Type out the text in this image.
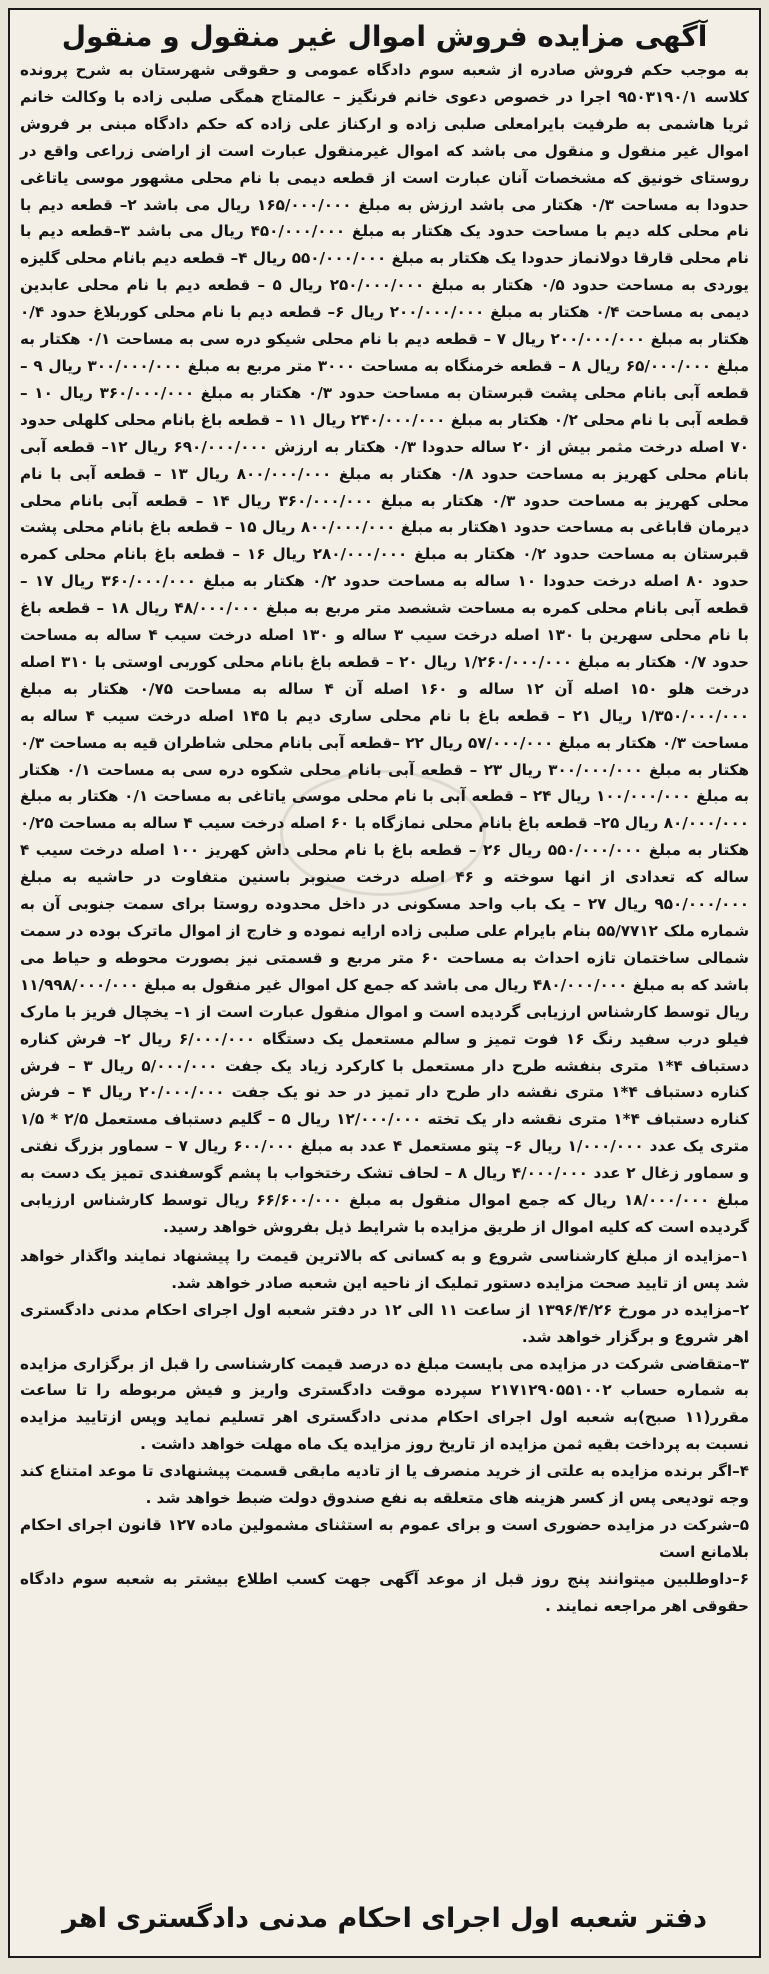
آگهی مزایده فروش اموال غیر منقول و منقول

به موجب حکم فروش صادره از شعبه سوم دادگاه عمومی و حقوقی شهرستان به شرح پرونده کلاسه ۹۵۰۳۱۹۰/۱ اجرا در خصوص دعوی خانم فرنگیز – عالمتاج همگی صلبی زاده با وکالت خانم ثریا هاشمی به طرفیت بایرامعلی صلبی زاده و ارکناز علی زاده که حکم دادگاه مبنی بر فروش اموال غیر منقول و منقول می باشد که اموال غیرمنقول عبارت است از اراضی زراعی واقع در روستای خونیق که مشخصات آنان عبارت است از قطعه دیمی با نام محلی مشهور موسی یاتاغی حدودا به مساحت ۰/۳ هکتار می باشد ارزش به مبلغ ۱۶۵/۰۰۰/۰۰۰ ریال می باشد ۲– قطعه دیم با نام محلی کله دیم با مساحت حدود یک هکتار به مبلغ ۴۵۰/۰۰۰/۰۰۰ ریال می باشد ۳–قطعه دیم با نام محلی قارقا دولانماز حدودا یک هکتار به مبلغ ۵۵۰/۰۰۰/۰۰۰ ریال ۴– قطعه دیم بانام محلی گلیزه یوردی به مساحت حدود ۰/۵ هکتار به مبلغ ۲۵۰/۰۰۰/۰۰۰ ریال ۵ – قطعه دیم با نام محلی عابدین دیمی به مساحت ۰/۴ هکتار به مبلغ ۲۰۰/۰۰۰/۰۰۰ ریال ۶– قطعه دیم با نام محلی کوربلاغ حدود ۰/۴ هکتار به مبلغ ۲۰۰/۰۰۰/۰۰۰ ریال ۷ – قطعه دیم با نام محلی شیکو دره سی به مساحت ۰/۱ هکتار به مبلغ ۶۵/۰۰۰/۰۰۰ ریال ۸ – قطعه خرمنگاه به مساحت ۳۰۰۰ متر مربع به مبلغ ۳۰۰/۰۰۰/۰۰۰ ریال ۹ – قطعه آبی بانام محلی پشت قبرستان به مساحت حدود ۰/۳ هکتار به مبلغ ۳۶۰/۰۰۰/۰۰۰ ریال ۱۰ – قطعه آبی با نام محلی ۰/۲ هکتار به مبلغ ۲۴۰/۰۰۰/۰۰۰ ریال ۱۱ – قطعه باغ بانام محلی کلهلی حدود ۷۰ اصله درخت مثمر بیش از ۲۰ ساله حدودا ۰/۳ هکتار به ارزش ۶۹۰/۰۰۰/۰۰۰ ریال ۱۲– قطعه آبی بانام محلی کهریز به مساحت حدود ۰/۸ هکتار به مبلغ ۸۰۰/۰۰۰/۰۰۰ ریال ۱۳ – قطعه آبی با نام محلی کهریز به مساحت حدود ۰/۳ هکتار به مبلغ ۳۶۰/۰۰۰/۰۰۰ ریال ۱۴ – قطعه آبی بانام محلی دیرمان قاباغی به مساحت حدود ۱هکتار به مبلغ ۸۰۰/۰۰۰/۰۰۰ ریال ۱۵ – قطعه باغ بانام محلی پشت قبرستان به مساحت حدود ۰/۲ هکتار به مبلغ ۲۸۰/۰۰۰/۰۰۰ ریال ۱۶ – قطعه باغ بانام محلی کمره حدود ۸۰ اصله درخت حدودا ۱۰ ساله به مساحت حدود ۰/۲ هکتار به مبلغ ۳۶۰/۰۰۰/۰۰۰ ریال ۱۷ – قطعه آبی بانام محلی کمره به مساحت ششصد متر مربع به مبلغ ۴۸/۰۰۰/۰۰۰ ریال ۱۸ – قطعه باغ با نام محلی سهرین با ۱۳۰ اصله درخت سیب ۳ ساله و ۱۳۰ اصله درخت سیب ۴ ساله به مساحت حدود ۰/۷ هکتار به مبلغ ۱/۲۶۰/۰۰۰/۰۰۰ ریال ۲۰ – قطعه باغ بانام محلی کوربی اوستی با ۳۱۰ اصله درخت هلو ۱۵۰ اصله آن ۱۲ ساله و ۱۶۰ اصله آن ۴ ساله به مساحت ۰/۷۵ هکتار به مبلغ ۱/۳۵۰/۰۰۰/۰۰۰ ریال ۲۱ – قطعه باغ با نام محلی ساری دیم با ۱۴۵ اصله درخت سیب ۴ ساله به مساحت ۰/۳ هکتار به مبلغ ۵۷/۰۰۰/۰۰۰ ریال ۲۲ –قطعه آبی بانام محلی شاطران قیه به مساحت ۰/۳ هکتار به مبلغ ۳۰۰/۰۰۰/۰۰۰ ریال ۲۳ – قطعه آبی بانام محلی شکوه دره سی به مساحت ۰/۱ هکتار به مبلغ ۱۰۰/۰۰۰/۰۰۰ ریال ۲۴ – قطعه آبی با نام محلی موسی یاتاغی به مساحت ۰/۱ هکتار به مبلغ ۸۰/۰۰۰/۰۰۰ ریال ۲۵– قطعه باغ بانام محلی نمازگاه با ۶۰ اصله درخت سیب ۴ ساله به مساحت ۰/۲۵ هکتار به مبلغ ۵۵۰/۰۰۰/۰۰۰ ریال ۲۶ – قطعه باغ با نام محلی داش کهریز ۱۰۰ اصله درخت سیب ۴ ساله که تعدادی از انها سوخته و ۴۶ اصله درخت صنوبر باسنین متفاوت در حاشیه به مبلغ ۹۵۰/۰۰۰/۰۰۰ ریال ۲۷ – یک باب واحد مسکونی در داخل محدوده روستا برای سمت جنوبی آن به شماره ملک ۵۵/۷۷۱۲ بنام بایرام علی صلبی زاده ارایه نموده و خارج از اموال ماترک بوده در سمت شمالی ساختمان تازه احداث به مساحت ۶۰ متر مربع و قسمتی نیز بصورت محوطه و حیاط می باشد که به مبلغ ۴۸۰/۰۰۰/۰۰۰ ریال می باشد که جمع کل اموال غیر منقول به مبلغ ۱۱/۹۹۸/۰۰۰/۰۰۰ ریال توسط کارشناس ارزیابی گردیده است و اموال منقول عبارت است از ۱– یخچال فریز با مارک فیلو درب سفید رنگ ۱۶ فوت تمیز و سالم مستعمل یک دستگاه ۶/۰۰۰/۰۰۰ ریال ۲– فرش کناره دستباف ۴*۱ متری بنفشه طرح دار مستعمل با کارکرد زیاد یک جفت ۵/۰۰۰/۰۰۰ ریال ۳ – فرش کناره دستباف ۴*۱ متری نقشه دار طرح دار تمیز در حد نو یک جفت ۲۰/۰۰۰/۰۰۰ ریال ۴ – فرش کناره دستباف ۴*۱ متری نقشه دار یک تخته ۱۲/۰۰۰/۰۰۰ ریال ۵ – گلیم دستباف مستعمل ۲/۵ * ۱/۵ متری یک عدد ۱/۰۰۰/۰۰۰ ریال ۶– پتو مستعمل ۴ عدد به مبلغ ۶۰۰/۰۰۰ ریال ۷ – سماور بزرگ نفتی و سماور زغال ۲ عدد ۴/۰۰۰/۰۰۰ ریال ۸ – لحاف تشک رختخواب با پشم گوسفندی تمیز یک دست به مبلغ ۱۸/۰۰۰/۰۰۰ ریال که جمع اموال منقول به مبلغ ۶۶/۶۰۰/۰۰۰ ریال توسط کارشناس ارزیابی گردیده است که کلیه اموال از طریق مزایده با شرایط ذیل بفروش خواهد رسید.

۱–مزایده از مبلغ کارشناسی شروع و به کسانی که بالاترین قیمت را پیشنهاد نمایند واگذار خواهد شد پس از تایید صحت مزایده دستور تملیک از ناحیه این شعبه صادر خواهد شد.

۲–مزایده در مورخ ۱۳۹۶/۴/۲۶ از ساعت ۱۱ الی ۱۲ در دفتر شعبه اول اجرای احکام مدنی دادگستری اهر شروع و برگزار خواهد شد.

۳–متقاضی شرکت در مزایده می بایست مبلغ ده درصد قیمت کارشناسی را قبل از برگزاری مزایده به شماره حساب ۲۱۷۱۲۹۰۵۵۱۰۰۲ سپرده موقت دادگستری واریز و فیش مربوطه را تا ساعت مقرر(۱۱ صبح)به شعبه اول اجرای احکام مدنی دادگستری اهر تسلیم نماید وپس ازتایید مزایده نسبت به پرداخت بقیه ثمن مزایده از تاریخ روز مزایده یک ماه مهلت خواهد داشت .

۴–اگر برنده مزایده به علتی از خرید منصرف یا از تادیه مابقی قسمت پیشنهادی تا موعد امتناع کند وجه تودیعی پس از کسر هزینه های متعلقه به نفع صندوق دولت ضبط خواهد شد .

۵–شرکت در مزایده حضوری است و برای عموم به استثنای مشمولین ماده ۱۲۷ قانون اجرای احکام بلامانع است

۶–داوطلبین میتوانند پنج روز قبل از موعد آگهی جهت کسب اطلاع بیشتر به شعبه سوم دادگاه حقوقی اهر مراجعه نمایند .

دفتر شعبه اول اجرای احکام مدنی دادگستری اهر
